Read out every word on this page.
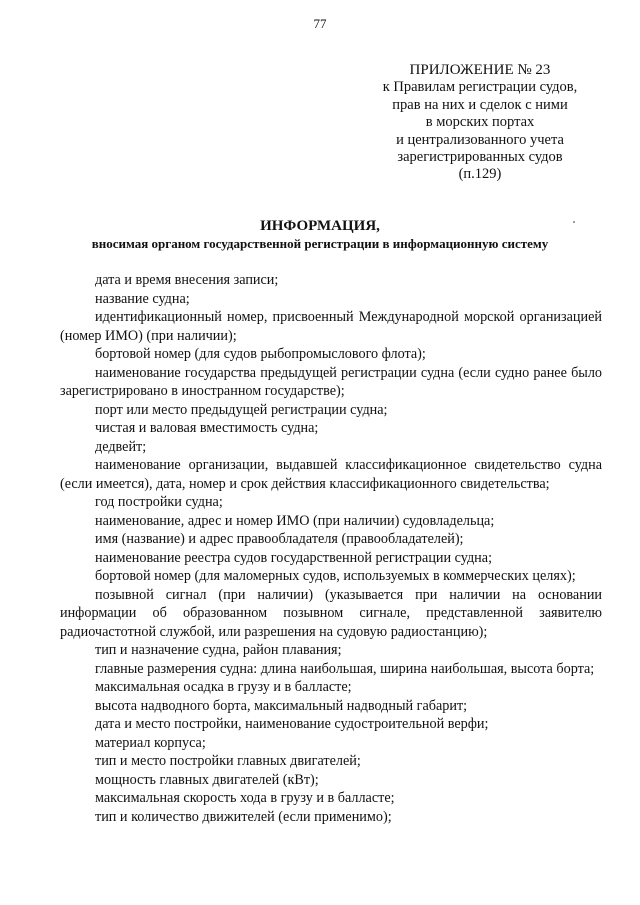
77
ПРИЛОЖЕНИЕ № 23
к Правилам регистрации судов,
прав на них и сделок с ними
в морских портах
и централизованного учета
зарегистрированных судов
(п.129)
ИНФОРМАЦИЯ,
вносимая органом государственной регистрации в информационную систему

дата и время внесения записи;

название судна;

идентификационный номер, присвоенный Международной морской организацией (номер ИМО) (при наличии);

бортовой номер (для судов рыбопромыслового флота);

наименование государства предыдущей регистрации судна (если судно ранее было зарегистрировано в иностранном государстве);

порт или место предыдущей регистрации судна;

чистая и валовая вместимость судна;

дедвейт;

наименование организации, выдавшей классификационное свидетельство судна (если имеется), дата, номер и срок действия классификационного свидетельства;

год постройки судна;

наименование, адрес и номер ИМО (при наличии) судовладельца;

имя (название) и адрес правообладателя (правообладателей);

наименование реестра судов государственной регистрации судна;

бортовой номер (для маломерных судов, используемых в коммерческих целях);

позывной сигнал (при наличии) (указывается при наличии на основании информации об образованном позывном сигнале, представленной заявителю радиочастотной службой, или разрешения на судовую радиостанцию);

тип и назначение судна, район плавания;

главные размерения судна: длина наибольшая, ширина наибольшая, высота борта;

максимальная осадка в грузу и в балласте;

высота надводного борта, максимальный надводный габарит;

дата и место постройки, наименование судостроительной верфи;

материал корпуса;

тип и место постройки главных двигателей;

мощность главных двигателей (кВт);

максимальная скорость хода в грузу и в балласте;

тип и количество движителей (если применимо);
